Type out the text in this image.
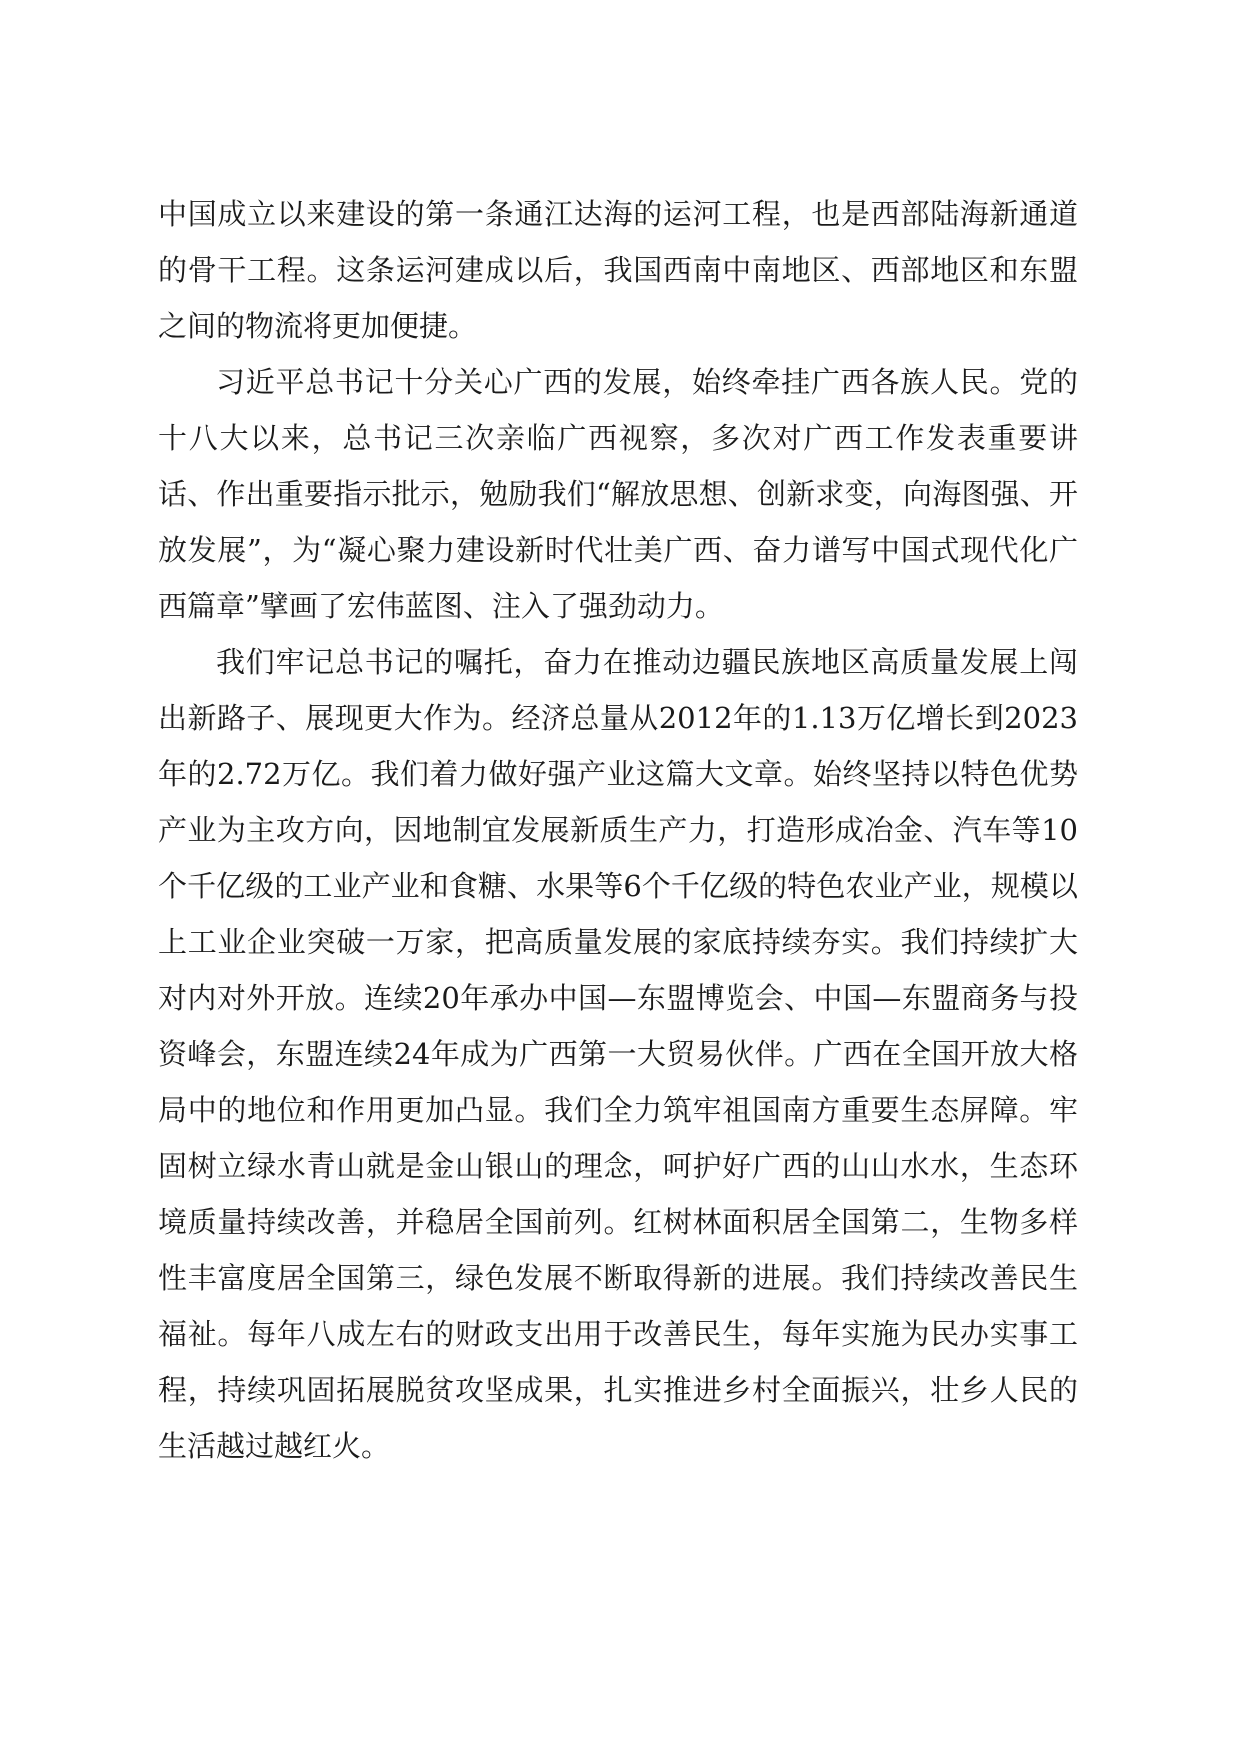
中国成立以来建设的第一条通江达海的运河工程，也是西部陆海新通道的骨干工程。这条运河建成以后，我国西南中南地区、西部地区和东盟之间的物流将更加便捷。

习近平总书记十分关心广西的发展，始终牵挂广西各族人民。党的十八大以来，总书记三次亲临广西视察，多次对广西工作发表重要讲话、作出重要指示批示，勉励我们“解放思想、创新求变，向海图强、开放发展”，为“凝心聚力建设新时代壮美广西、奋力谱写中国式现代化广西篇章”擘画了宏伟蓝图、注入了强劲动力。

我们牢记总书记的嘱托，奋力在推动边疆民族地区高质量发展上闯出新路子、展现更大作为。经济总量从2012年的1.13万亿增长到2023年的2.72万亿。我们着力做好强产业这篇大文章。始终坚持以特色优势产业为主攻方向，因地制宜发展新质生产力，打造形成冶金、汽车等10个千亿级的工业产业和食糖、水果等6个千亿级的特色农业产业，规模以上工业企业突破一万家，把高质量发展的家底持续夯实。我们持续扩大对内对外开放。连续20年承办中国—东盟博览会、中国—东盟商务与投资峰会，东盟连续24年成为广西第一大贸易伙伴。广西在全国开放大格局中的地位和作用更加凸显。我们全力筑牢祖国南方重要生态屏障。牢固树立绿水青山就是金山银山的理念，呵护好广西的山山水水，生态环境质量持续改善，并稳居全国前列。红树林面积居全国第二，生物多样性丰富度居全国第三，绿色发展不断取得新的进展。我们持续改善民生福祉。每年八成左右的财政支出用于改善民生，每年实施为民办实事工程，持续巩固拓展脱贫攻坚成果，扎实推进乡村全面振兴，壮乡人民的生活越过越红火。
